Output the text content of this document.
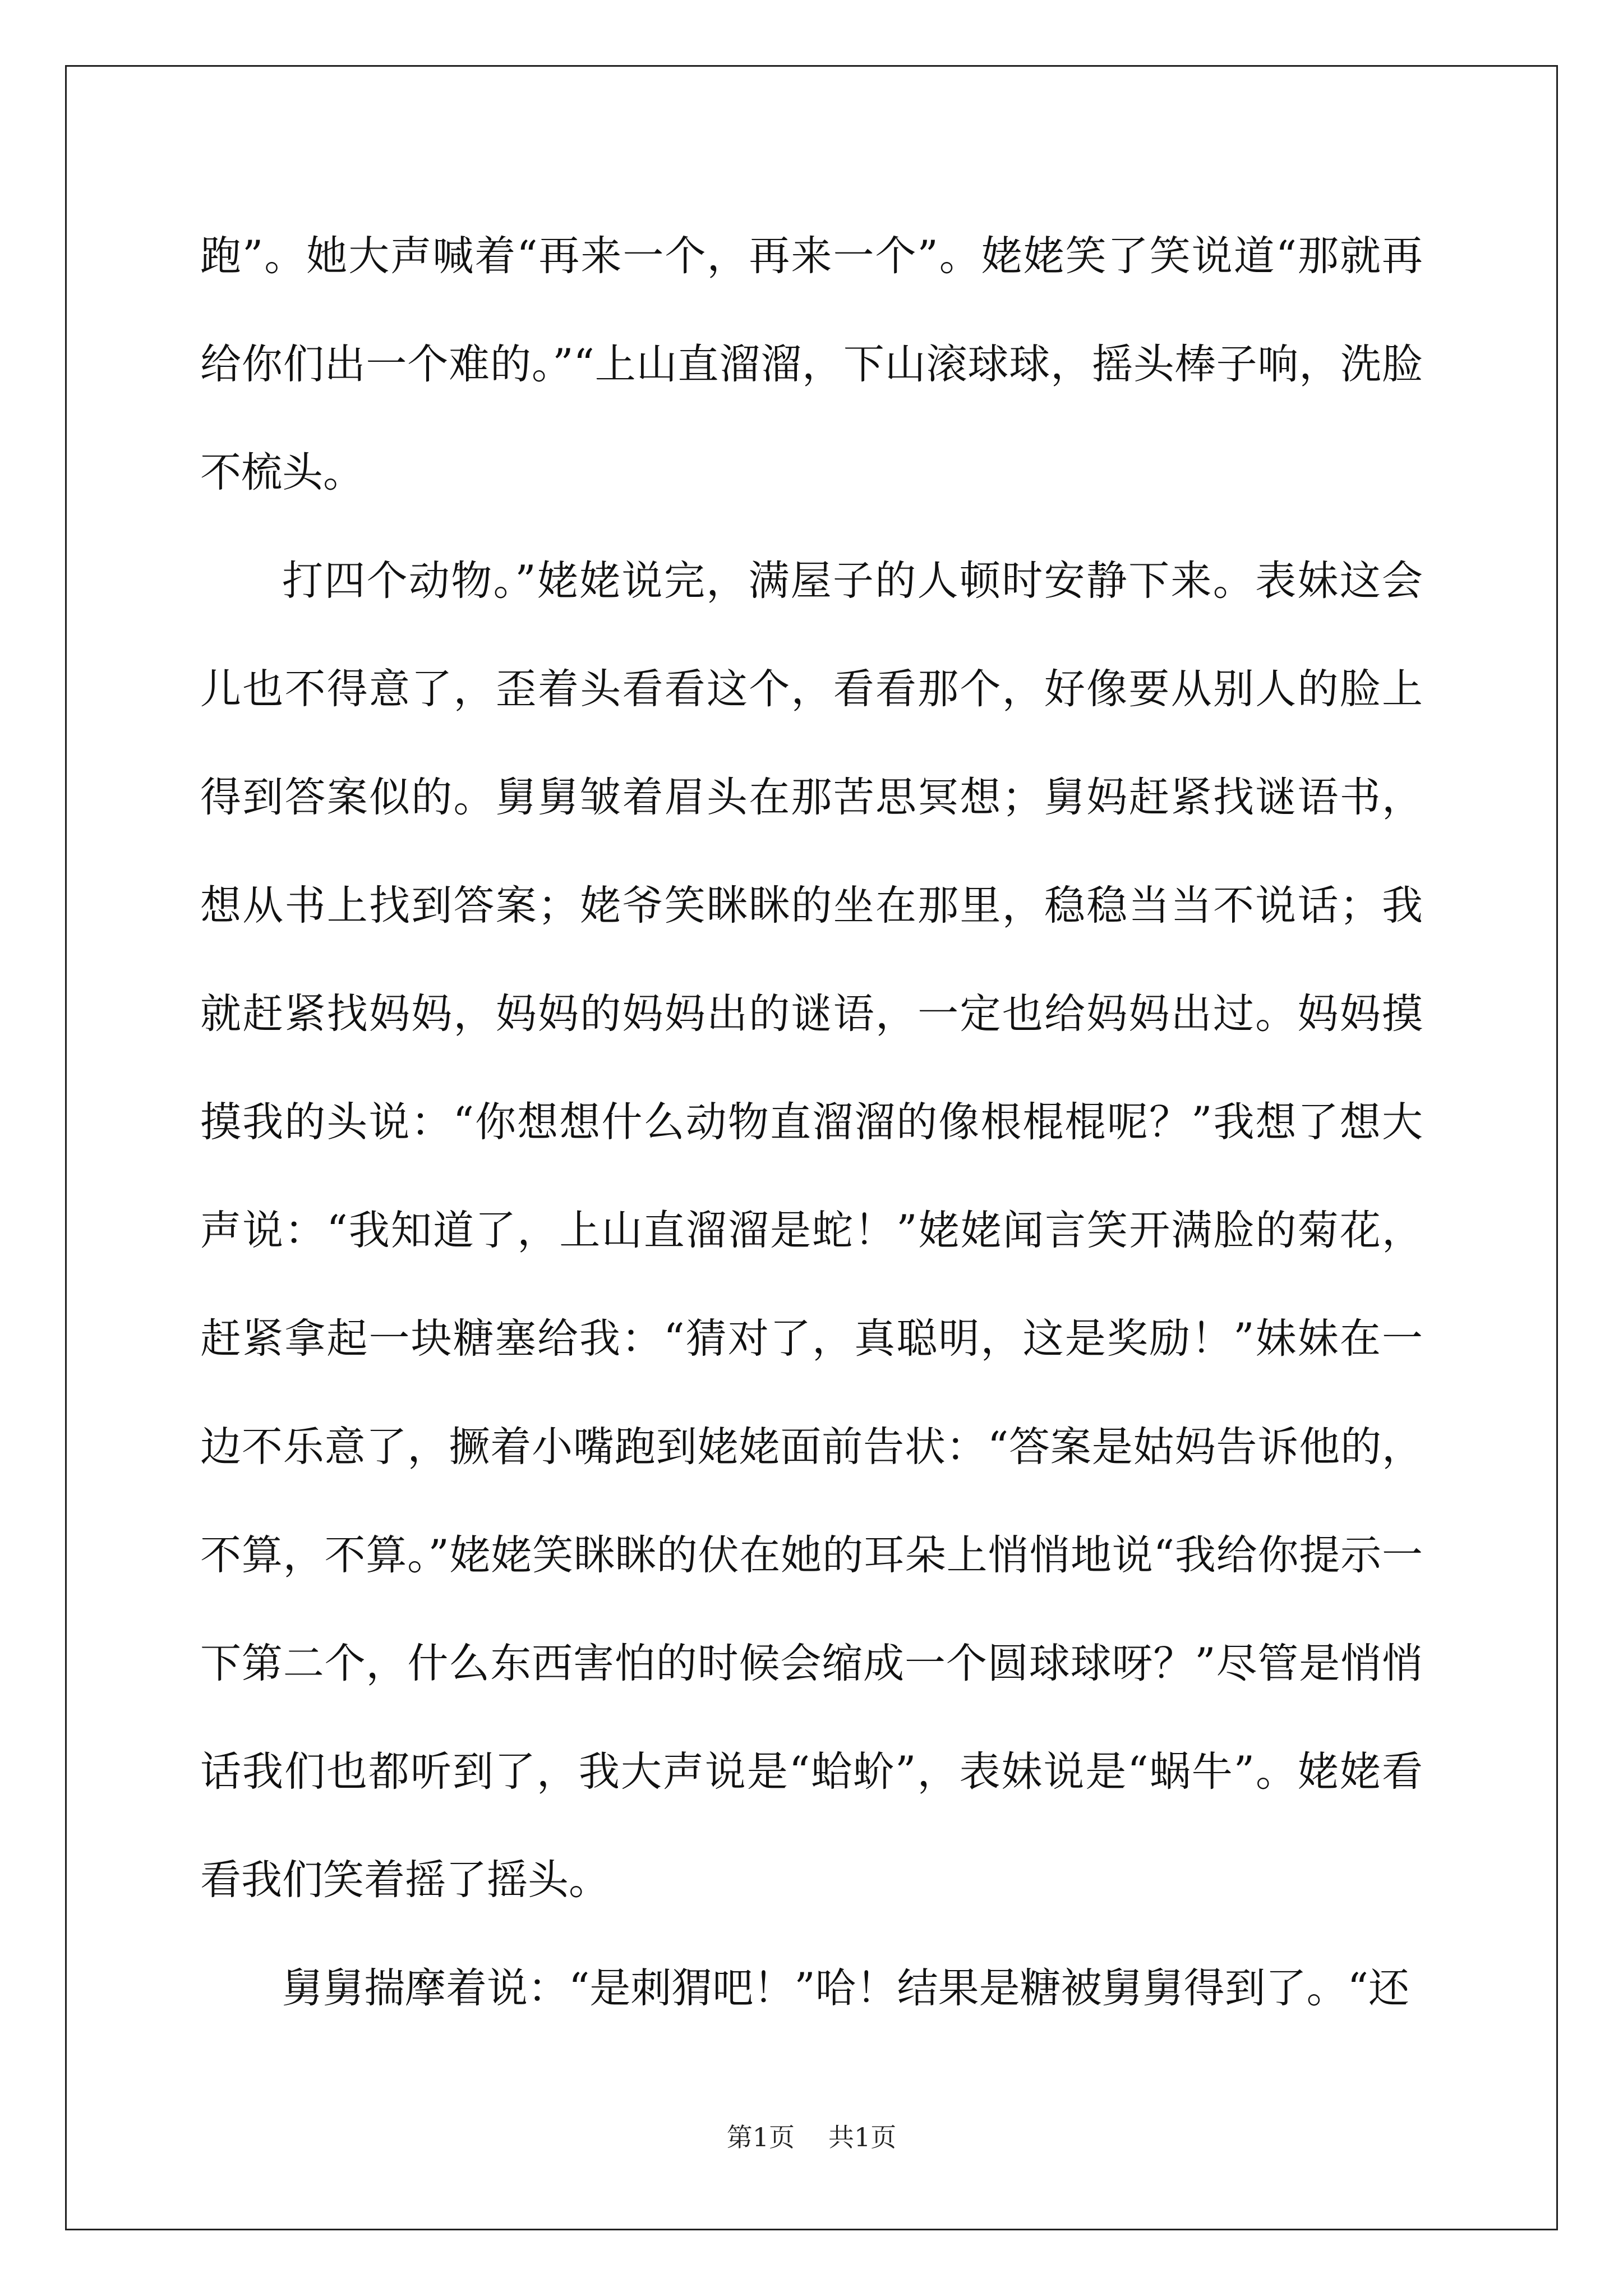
跑”。她大声喊着“再来一个，再来一个”。姥姥笑了笑说道“那就再给你们出一个难的。”“上山直溜溜，下山滚球球，摇头棒子响，洗脸不梳头。

打四个动物。”姥姥说完，满屋子的人顿时安静下来。表妹这会儿也不得意了，歪着头看看这个，看看那个，好像要从别人的脸上得到答案似的。舅舅皱着眉头在那苦思冥想；舅妈赶紧找谜语书，想从书上找到答案；姥爷笑眯眯的坐在那里，稳稳当当不说话；我就赶紧找妈妈，妈妈的妈妈出的谜语，一定也给妈妈出过。妈妈摸摸我的头说：“你想想什么动物直溜溜的像根棍棍呢？”我想了想大声说：“我知道了，上山直溜溜是蛇！”姥姥闻言笑开满脸的菊花，赶紧拿起一块糖塞给我：“猜对了，真聪明，这是奖励！”妹妹在一边不乐意了，撅着小嘴跑到姥姥面前告状：“答案是姑妈告诉他的，不算，不算。”姥姥笑眯眯的伏在她的耳朵上悄悄地说“我给你提示一下第二个，什么东西害怕的时候会缩成一个圆球球呀？”尽管是悄悄话我们也都听到了，我大声说是“蛤蚧”，表妹说是“蜗牛”。姥姥看看我们笑着摇了摇头。

舅舅揣摩着说：“是刺猬吧！”哈！结果是糖被舅舅得到了。“还

第1页 共1页
